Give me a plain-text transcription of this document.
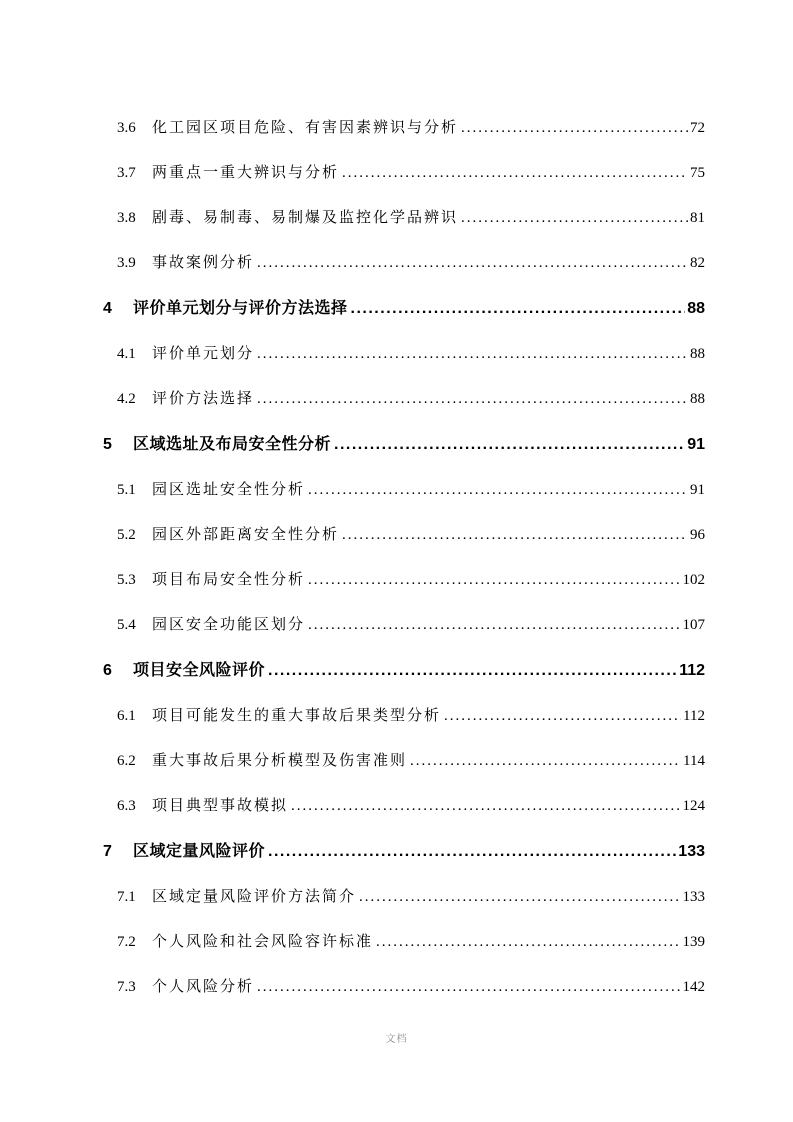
3.6	化工园区项目危险、有害因素辨识与分析 .....	72
3.7	两重点一重大辨识与分析 .....	75
3.8	剧毒、易制毒、易制爆及监控化学品辨识 .....	81
3.9	事故案例分析 .....	82
4	评价单元划分与评价方法选择 .....	88
4.1	评价单元划分 .....	88
4.2	评价方法选择 .....	88
5	区域选址及布局安全性分析 .....	91
5.1	园区选址安全性分析 .....	91
5.2	园区外部距离安全性分析 .....	96
5.3	项目布局安全性分析 .....	102
5.4	园区安全功能区划分 .....	107
6	项目安全风险评价 .....	112
6.1	项目可能发生的重大事故后果类型分析 .....	112
6.2	重大事故后果分析模型及伤害准则 .....	114
6.3	项目典型事故模拟 .....	124
7	区域定量风险评价 .....	133
7.1	区域定量风险评价方法简介 .....	133
7.2	个人风险和社会风险容许标准 .....	139
7.3	个人风险分析 .....	142
文档
